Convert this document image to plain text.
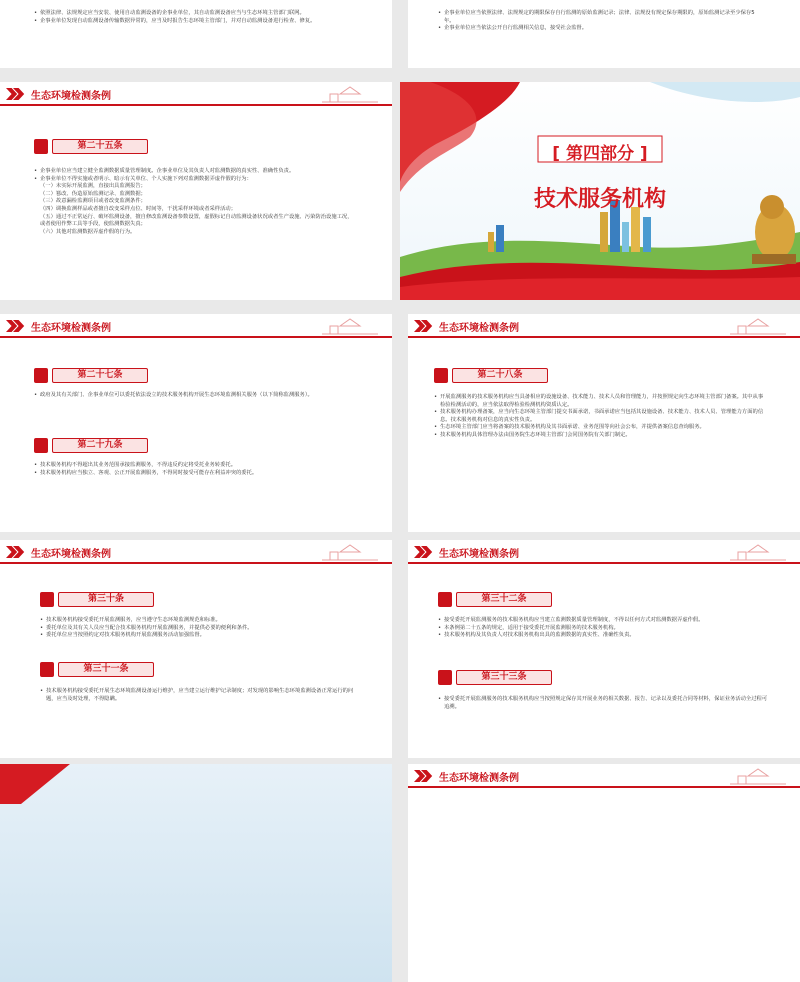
• 依照法律、法规规定应当安装、使用自动监测设备的企事业单位，其自动监测设备应当与生态环境主管部门联网。
• 企事业单位发现自动监测设备传输数据异常的，应当及时报告生态环境主管部门，并对自动监测设备进行检查、修复。
• 企事业单位应当依照法律、法规规定的期限保存自行监测的原始监测记录；法律、法规没有规定保存期限的，原始监测记录至少保存5年。
• 企事业单位应当依法公开自行监测相关信息，接受社会监督。
生态环境检测条例
第二十五条
• 企事业单位应当建立健全监测数据质量管理制度。企事业单位及其负责人对监测数据的真实性、准确性负责。
• 企事业单位不得实施或者明示、暗示有关单位、个人实施下列对监测数据弄虚作假的行为：
（一）未实际开展监测，直接出具监测报告；
（二）篡改、伪造原始监测记录、监测数据；
（三）故意漏检监测项目或者改变监测条件；
（四）调换监测样品或者擅自改变采样点位、时间等，干扰采样环境或者采样活动；
（五）通过不正常运行、破坏监测设备，擅自修改监测设备参数设置，虚假标记自动监测设备状况或者生产设施、污染防治设施工况，或者使用作弊工具等手段，使监测数据失真；
（六）其他对监测数据弄虚作假的行为。
[ 第四部分 ]
技术服务机构
生态环境检测条例
第二十七条
• 政府及其有关部门、企事业单位可以委托依法设立的技术服务机构开展生态环境监测相关服务（以下简称监测服务）。
第二十九条
• 技术服务机构不得超出其业务范围承接监测服务，不得违反约定将受托业务转委托。
• 技术服务机构应当独立、客观、公正开展监测服务，不得同时接受可能存在利益冲突的委托。
生态环境检测条例
第二十八条
• 开展监测服务的技术服务机构应当具备相应的设施设备、技术能力、技术人员和管理能力，并按照规定向生态环境主管部门备案。其中从事检验检测活动的，应当依法取得检验检测机构资质认定。
• 技术服务机构办理备案，应当向生态环境主管部门提交书面承诺，书面承诺应当包括其设施设备、技术能力、技术人员、管理能力方面的信息。技术服务机构对信息的真实性负责。
• 生态环境主管部门应当将备案的技术服务机构及其书面承诺、业务范围等向社会公布，并提供备案信息查询服务。
• 技术服务机构具体管理办法由国务院生态环境主管部门会同国务院有关部门制定。
生态环境检测条例
第三十条
• 技术服务机构接受委托开展监测服务，应当遵守生态环境监测规范和标准。
• 委托单位及其有关人员应当配合技术服务机构开展监测服务，并提供必要的便利和条件。
• 委托单位应当按照约定对技术服务机构开展监测服务活动加强监督。
第三十一条
• 技术服务机构接受委托开展生态环境监测设备运行维护，应当建立运行维护记录制度；对发现的影响生态环境监测设备正常运行的问题，应当及时处理，不得隐瞒。
生态环境检测条例
第三十二条
• 接受委托开展监测服务的技术服务机构应当建立监测数据质量管理制度，不得以任何方式对监测数据弄虚作假。
• 本条例第二十五条的规定，适用于接受委托开展监测服务的技术服务机构。
• 技术服务机构及其负责人对技术服务机构出具的监测数据的真实性、准确性负责。
第三十三条
• 接受委托开展监测服务的技术服务机构应当按照规定保存其开展业务的相关数据、报告、记录以及委托合同等材料，保证业务活动全过程可追溯。
生态环境检测条例
